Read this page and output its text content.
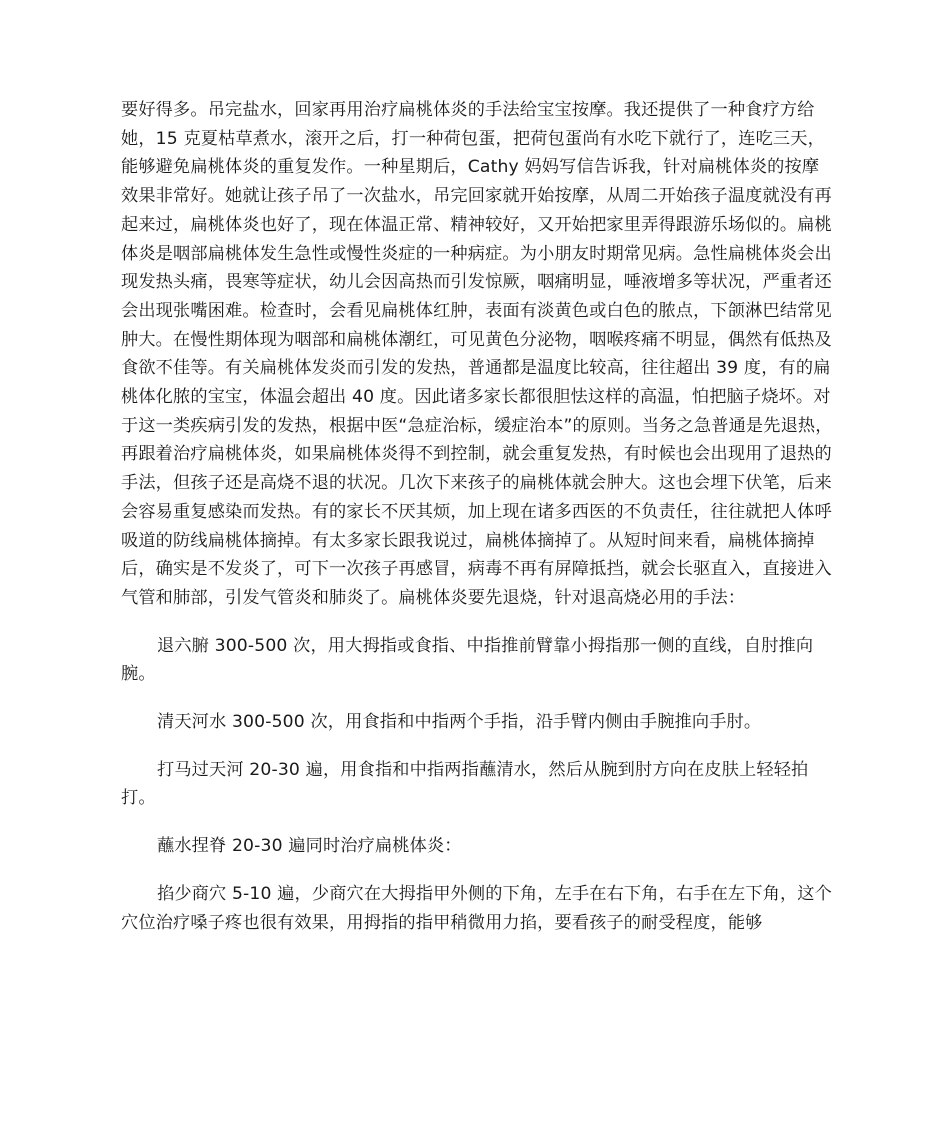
要好得多。吊完盐水，回家再用治疗扁桃体炎的手法给宝宝按摩。我还提供了一种食疗方给她，15 克夏枯草煮水，滚开之后，打一种荷包蛋，把荷包蛋尚有水吃下就行了，连吃三天，能够避免扁桃体炎的重复发作。一种星期后，Cathy 妈妈写信告诉我，针对扁桃体炎的按摩效果非常好。她就让孩子吊了一次盐水，吊完回家就开始按摩，从周二开始孩子温度就没有再起来过，扁桃体炎也好了，现在体温正常、精神较好，又开始把家里弄得跟游乐场似的。扁桃体炎是咽部扁桃体发生急性或慢性炎症的一种病症。为小朋友时期常见病。急性扁桃体炎会出现发热头痛，畏寒等症状，幼儿会因高热而引发惊厥，咽痛明显，唾液增多等状况，严重者还会出现张嘴困难。检查时，会看见扁桃体红肿，表面有淡黄色或白色的脓点，下颌淋巴结常见肿大。在慢性期体现为咽部和扁桃体潮红，可见黄色分泌物，咽喉疼痛不明显，偶然有低热及食欲不佳等。有关扁桃体发炎而引发的发热，普通都是温度比较高，往往超出 39 度，有的扁桃体化脓的宝宝，体温会超出 40 度。因此诸多家长都很胆怯这样的高温，怕把脑子烧坏。对于这一类疾病引发的发热，根据中医“急症治标，缓症治本”的原则。当务之急普通是先退热，再跟着治疗扁桃体炎，如果扁桃体炎得不到控制，就会重复发热，有时候也会出现用了退热的手法，但孩子还是高烧不退的状况。几次下来孩子的扁桃体就会肿大。这也会埋下伏笔，后来会容易重复感染而发热。有的家长不厌其烦，加上现在诸多西医的不负责任，往往就把人体呼吸道的防线扁桃体摘掉。有太多家长跟我说过，扁桃体摘掉了。从短时间来看，扁桃体摘掉后，确实是不发炎了，可下一次孩子再感冒，病毒不再有屏障抵挡，就会长驱直入，直接进入气管和肺部，引发气管炎和肺炎了。扁桃体炎要先退烧，针对退高烧必用的手法：

退六腑 300-500 次，用大拇指或食指、中指推前臂靠小拇指那一侧的直线，自肘推向腕。

清天河水 300-500 次，用食指和中指两个手指，沿手臂内侧由手腕推向手肘。

打马过天河 20-30 遍，用食指和中指两指蘸清水，然后从腕到肘方向在皮肤上轻轻拍打。

蘸水捏脊 20-30 遍同时治疗扁桃体炎：

掐少商穴 5-10 遍，少商穴在大拇指甲外侧的下角，左手在右下角，右手在左下角，这个穴位治疗嗓子疼也很有效果，用拇指的指甲稍微用力掐，要看孩子的耐受程度，能够
